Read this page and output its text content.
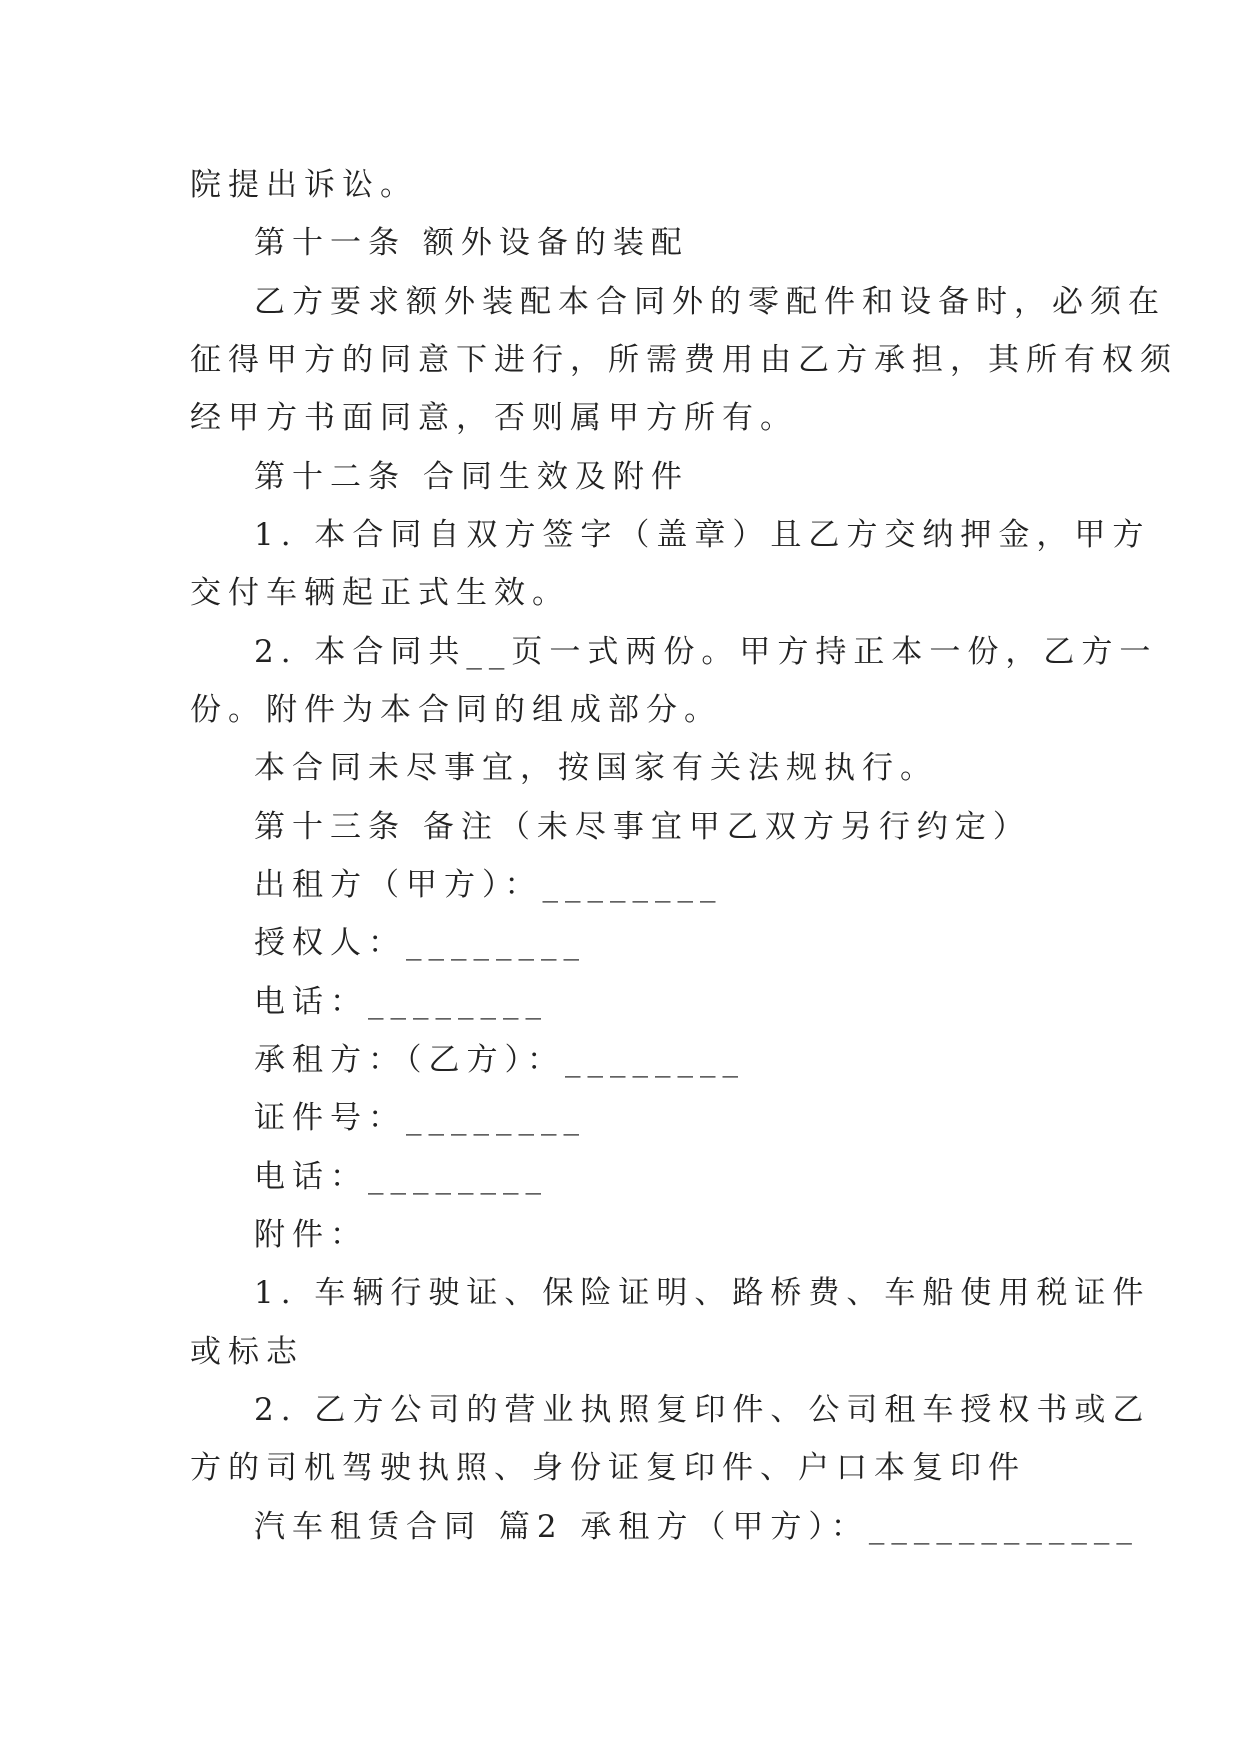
院提出诉讼。

第十一条 额外设备的装配

乙方要求额外装配本合同外的零配件和设备时，必须在

征得甲方的同意下进行，所需费用由乙方承担，其所有权须

经甲方书面同意，否则属甲方所有。

第十二条 合同生效及附件

1. 本合同自双方签字（盖章）且乙方交纳押金，甲方

交付车辆起正式生效。

2. 本合同共__页一式两份。甲方持正本一份，乙方一

份。附件为本合同的组成部分。

本合同未尽事宜，按国家有关法规执行。

第十三条 备注（未尽事宜甲乙双方另行约定）

出租方（甲方）：________

授权人：________

电话：________

承租方：（乙方）：________

证件号：________

电话：________

附件：

1. 车辆行驶证、保险证明、路桥费、车船使用税证件

或标志

2. 乙方公司的营业执照复印件、公司租车授权书或乙

方的司机驾驶执照、身份证复印件、户口本复印件

汽车租赁合同 篇2 承租方（甲方）：____________
